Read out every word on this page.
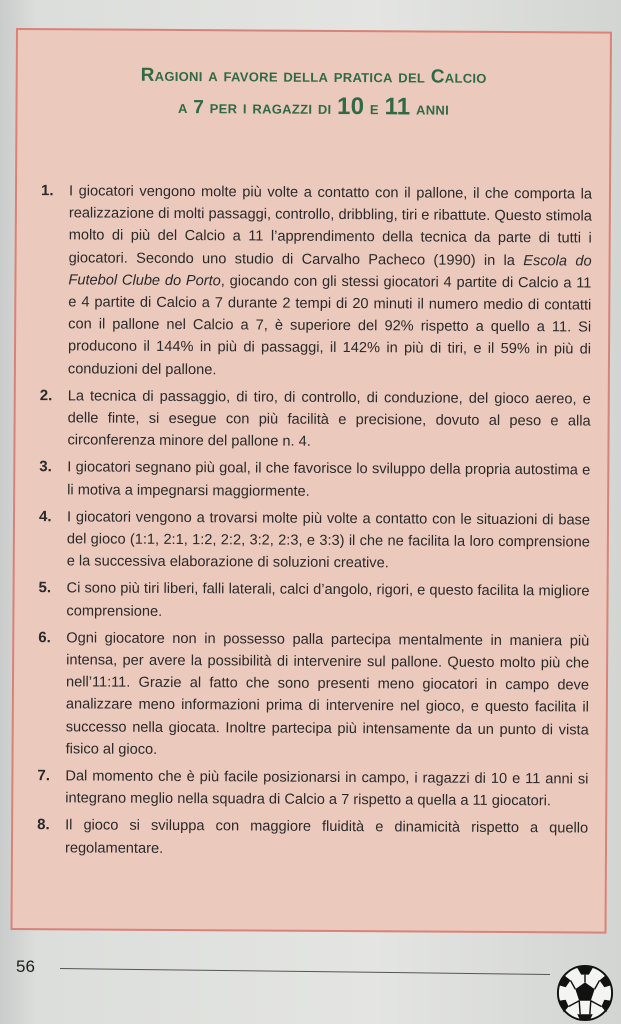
Ragioni a favore della pratica del Calcio
a 7 per i ragazzi di 10 e 11 anni
1. I giocatori vengono molte più volte a contatto con il pallone, il che comporta la realizzazione di molti passaggi, controllo, dribbling, tiri e ribattute. Questo stimola molto di più del Calcio a 11 l’apprendimento della tecnica da parte di tutti i giocatori. Secondo uno studio di Carvalho Pacheco (1990) in la Escola do Futebol Clube do Porto, giocando con gli stessi giocatori 4 partite di Calcio a 11 e 4 partite di Calcio a 7 durante 2 tempi di 20 minuti il numero medio di contatti con il pallone nel Calcio a 7, è superiore del 92% rispetto a quello a 11. Si producono il 144% in più di passaggi, il 142% in più di tiri, e il 59% in più di conduzioni del pallone.
2. La tecnica di passaggio, di tiro, di controllo, di conduzione, del gioco aereo, e delle finte, si esegue con più facilità e precisione, dovuto al peso e alla circonferenza minore del pallone n. 4.
3. I giocatori segnano più goal, il che favorisce lo sviluppo della propria autostima e li motiva a impegnarsi maggiormente.
4. I giocatori vengono a trovarsi molte più volte a contatto con le situazioni di base del gioco (1:1, 2:1, 1:2, 2:2, 3:2, 2:3, e 3:3) il che ne facilita la loro comprensione e la successiva elaborazione di soluzioni creative.
5. Ci sono più tiri liberi, falli laterali, calci d’angolo, rigori, e questo facilita la migliore comprensione.
6. Ogni giocatore non in possesso palla partecipa mentalmente in maniera più intensa, per avere la possibilità di intervenire sul pallone. Questo molto più che nell’11:11. Grazie al fatto che sono presenti meno giocatori in campo deve analizzare meno informazioni prima di intervenire nel gioco, e questo facilita il successo nella giocata. Inoltre partecipa più intensamente da un punto di vista fisico al gioco.
7. Dal momento che è più facile posizionarsi in campo, i ragazzi di 10 e 11 anni si integrano meglio nella squadra di Calcio a 7 rispetto a quella a 11 giocatori.
8. Il gioco si sviluppa con maggiore fluidità e dinamicità rispetto a quello regolamentare.
56
